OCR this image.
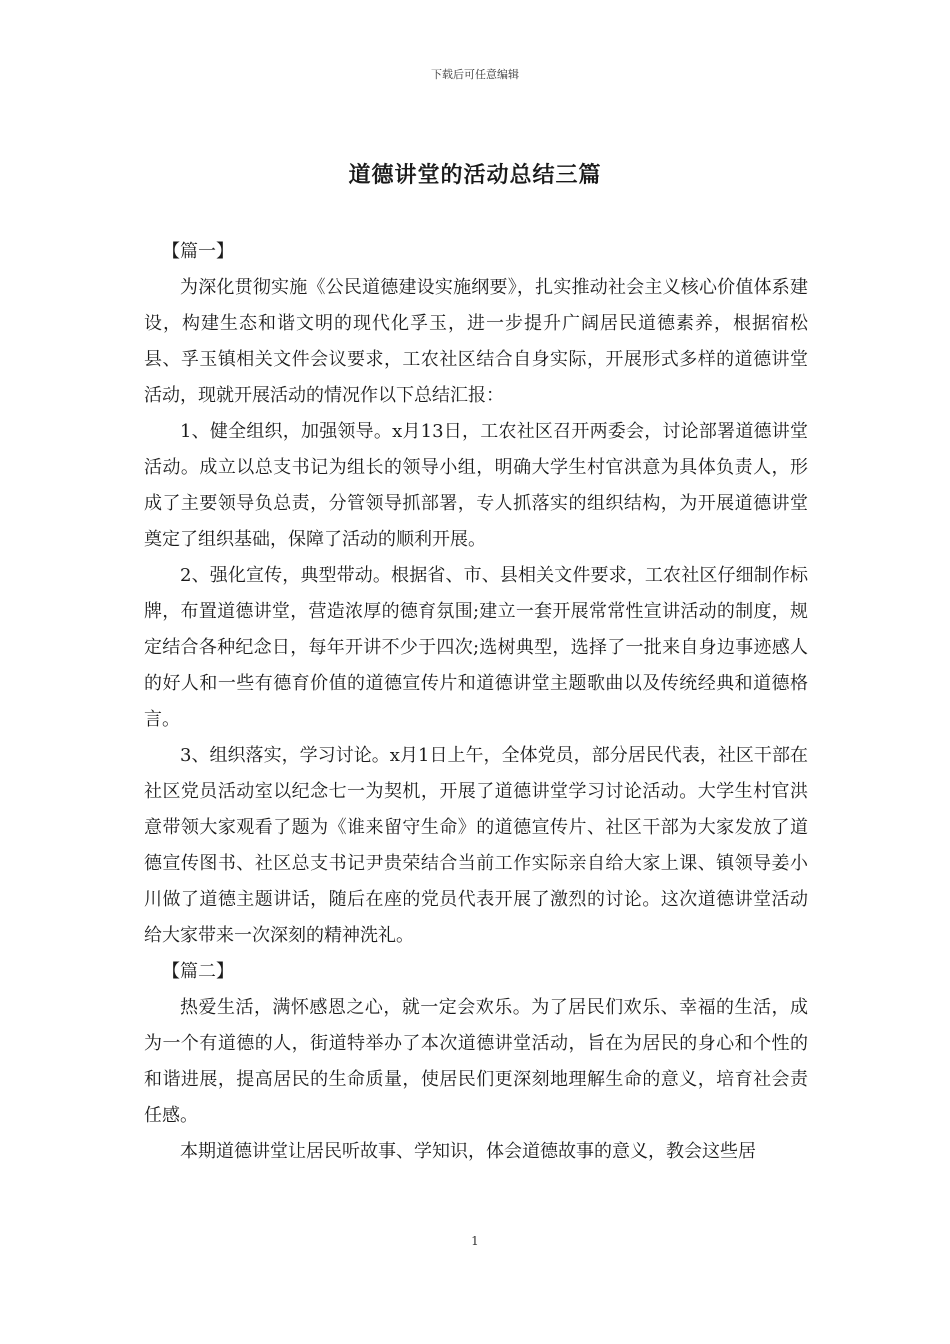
下载后可任意编辑
道德讲堂的活动总结三篇

【篇一】

为深化贯彻实施《公民道德建设实施纲要》，扎实推动社会主义核心价值体系建设，构建生态和谐文明的现代化孚玉，进一步提升广阔居民道德素养，根据宿松县、孚玉镇相关文件会议要求，工农社区结合自身实际，开展形式多样的道德讲堂活动，现就开展活动的情况作以下总结汇报：

1、健全组织，加强领导。x月13日，工农社区召开两委会，讨论部署道德讲堂活动。成立以总支书记为组长的领导小组，明确大学生村官洪意为具体负责人，形成了主要领导负总责，分管领导抓部署，专人抓落实的组织结构，为开展道德讲堂奠定了组织基础，保障了活动的顺利开展。

2、强化宣传，典型带动。根据省、市、县相关文件要求，工农社区仔细制作标牌，布置道德讲堂，营造浓厚的德育氛围;建立一套开展常常性宣讲活动的制度，规定结合各种纪念日，每年开讲不少于四次;选树典型，选择了一批来自身边事迹感人的好人和一些有德育价值的道德宣传片和道德讲堂主题歌曲以及传统经典和道德格言。

3、组织落实，学习讨论。x月1日上午，全体党员，部分居民代表，社区干部在社区党员活动室以纪念七一为契机，开展了道德讲堂学习讨论活动。大学生村官洪意带领大家观看了题为《谁来留守生命》的道德宣传片、社区干部为大家发放了道德宣传图书、社区总支书记尹贵荣结合当前工作实际亲自给大家上课、镇领导姜小川做了道德主题讲话，随后在座的党员代表开展了激烈的讨论。这次道德讲堂活动给大家带来一次深刻的精神洗礼。

【篇二】

热爱生活，满怀感恩之心，就一定会欢乐。为了居民们欢乐、幸福的生活，成为一个有道德的人，街道特举办了本次道德讲堂活动，旨在为居民的身心和个性的和谐进展，提高居民的生命质量，使居民们更深刻地理解生命的意义，培育社会责任感。

本期道德讲堂让居民听故事、学知识，体会道德故事的意义，教会这些居

1
